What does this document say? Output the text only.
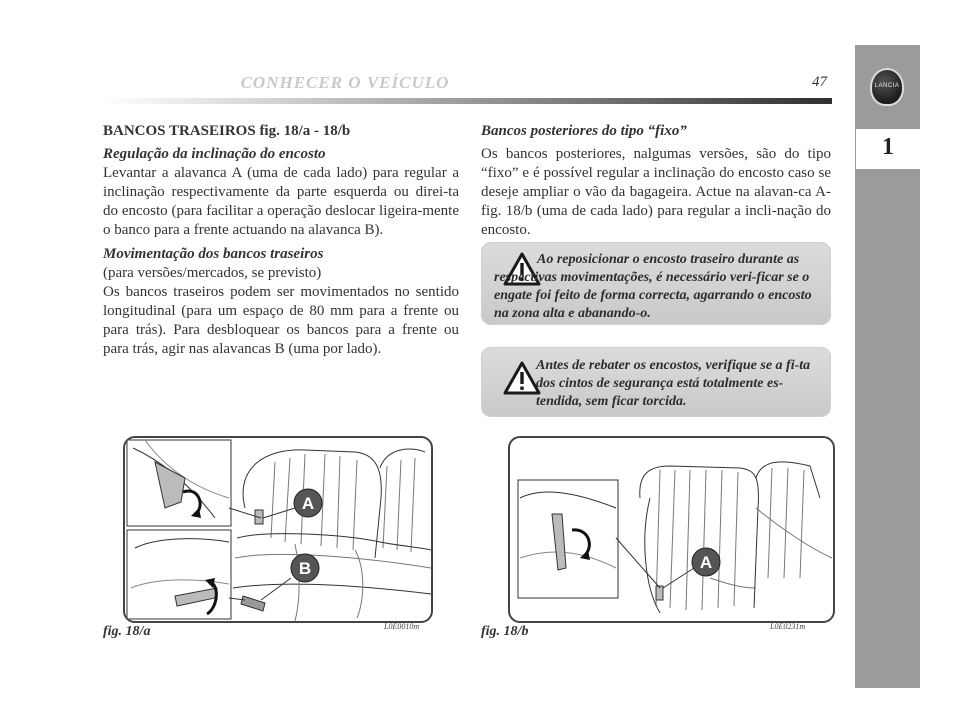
CONHECER O VEÍCULO	47	LANCIA
1

BANCOS TRASEIROS fig. 18/a - 18/b

Regulação da inclinação do encosto

Levantar a alavanca A (uma de cada lado) para regular a inclinação respectivamente da parte esquerda ou direi-ta do encosto (para facilitar a operação deslocar ligeira-mente o banco para a frente actuando na alavanca B).

Movimentação dos bancos traseiros

(para versões/mercados, se previsto)

Os bancos traseiros podem ser movimentados no sentido longitudinal (para um espaço de 80 mm para a frente ou para trás). Para desbloquear os bancos para a frente ou para trás, agir nas alavancas B (uma por lado).

Bancos posteriores do tipo “fixo”

Os bancos posteriores, nalgumas versões, são do tipo “fixo” e é possível regular a inclinação do encosto caso se deseje ampliar o vão da bagageira. Actue na alavan-ca A-fig. 18/b (uma de cada lado) para regular a incli-nação do encosto.

Ao reposicionar o encosto traseiro durante as respectivas movimentações, é necessário veri-ficar se o engate foi feito de forma correcta, agarrando o encosto na zona alta e abanando-o.
Antes de rebater os encostos, verifique se a fi-ta dos cintos de segurança está totalmente es-tendida, sem ficar torcida.
A
B
fig. 18/a	L0E0010m
A
fig. 18/b	L0E0231m
